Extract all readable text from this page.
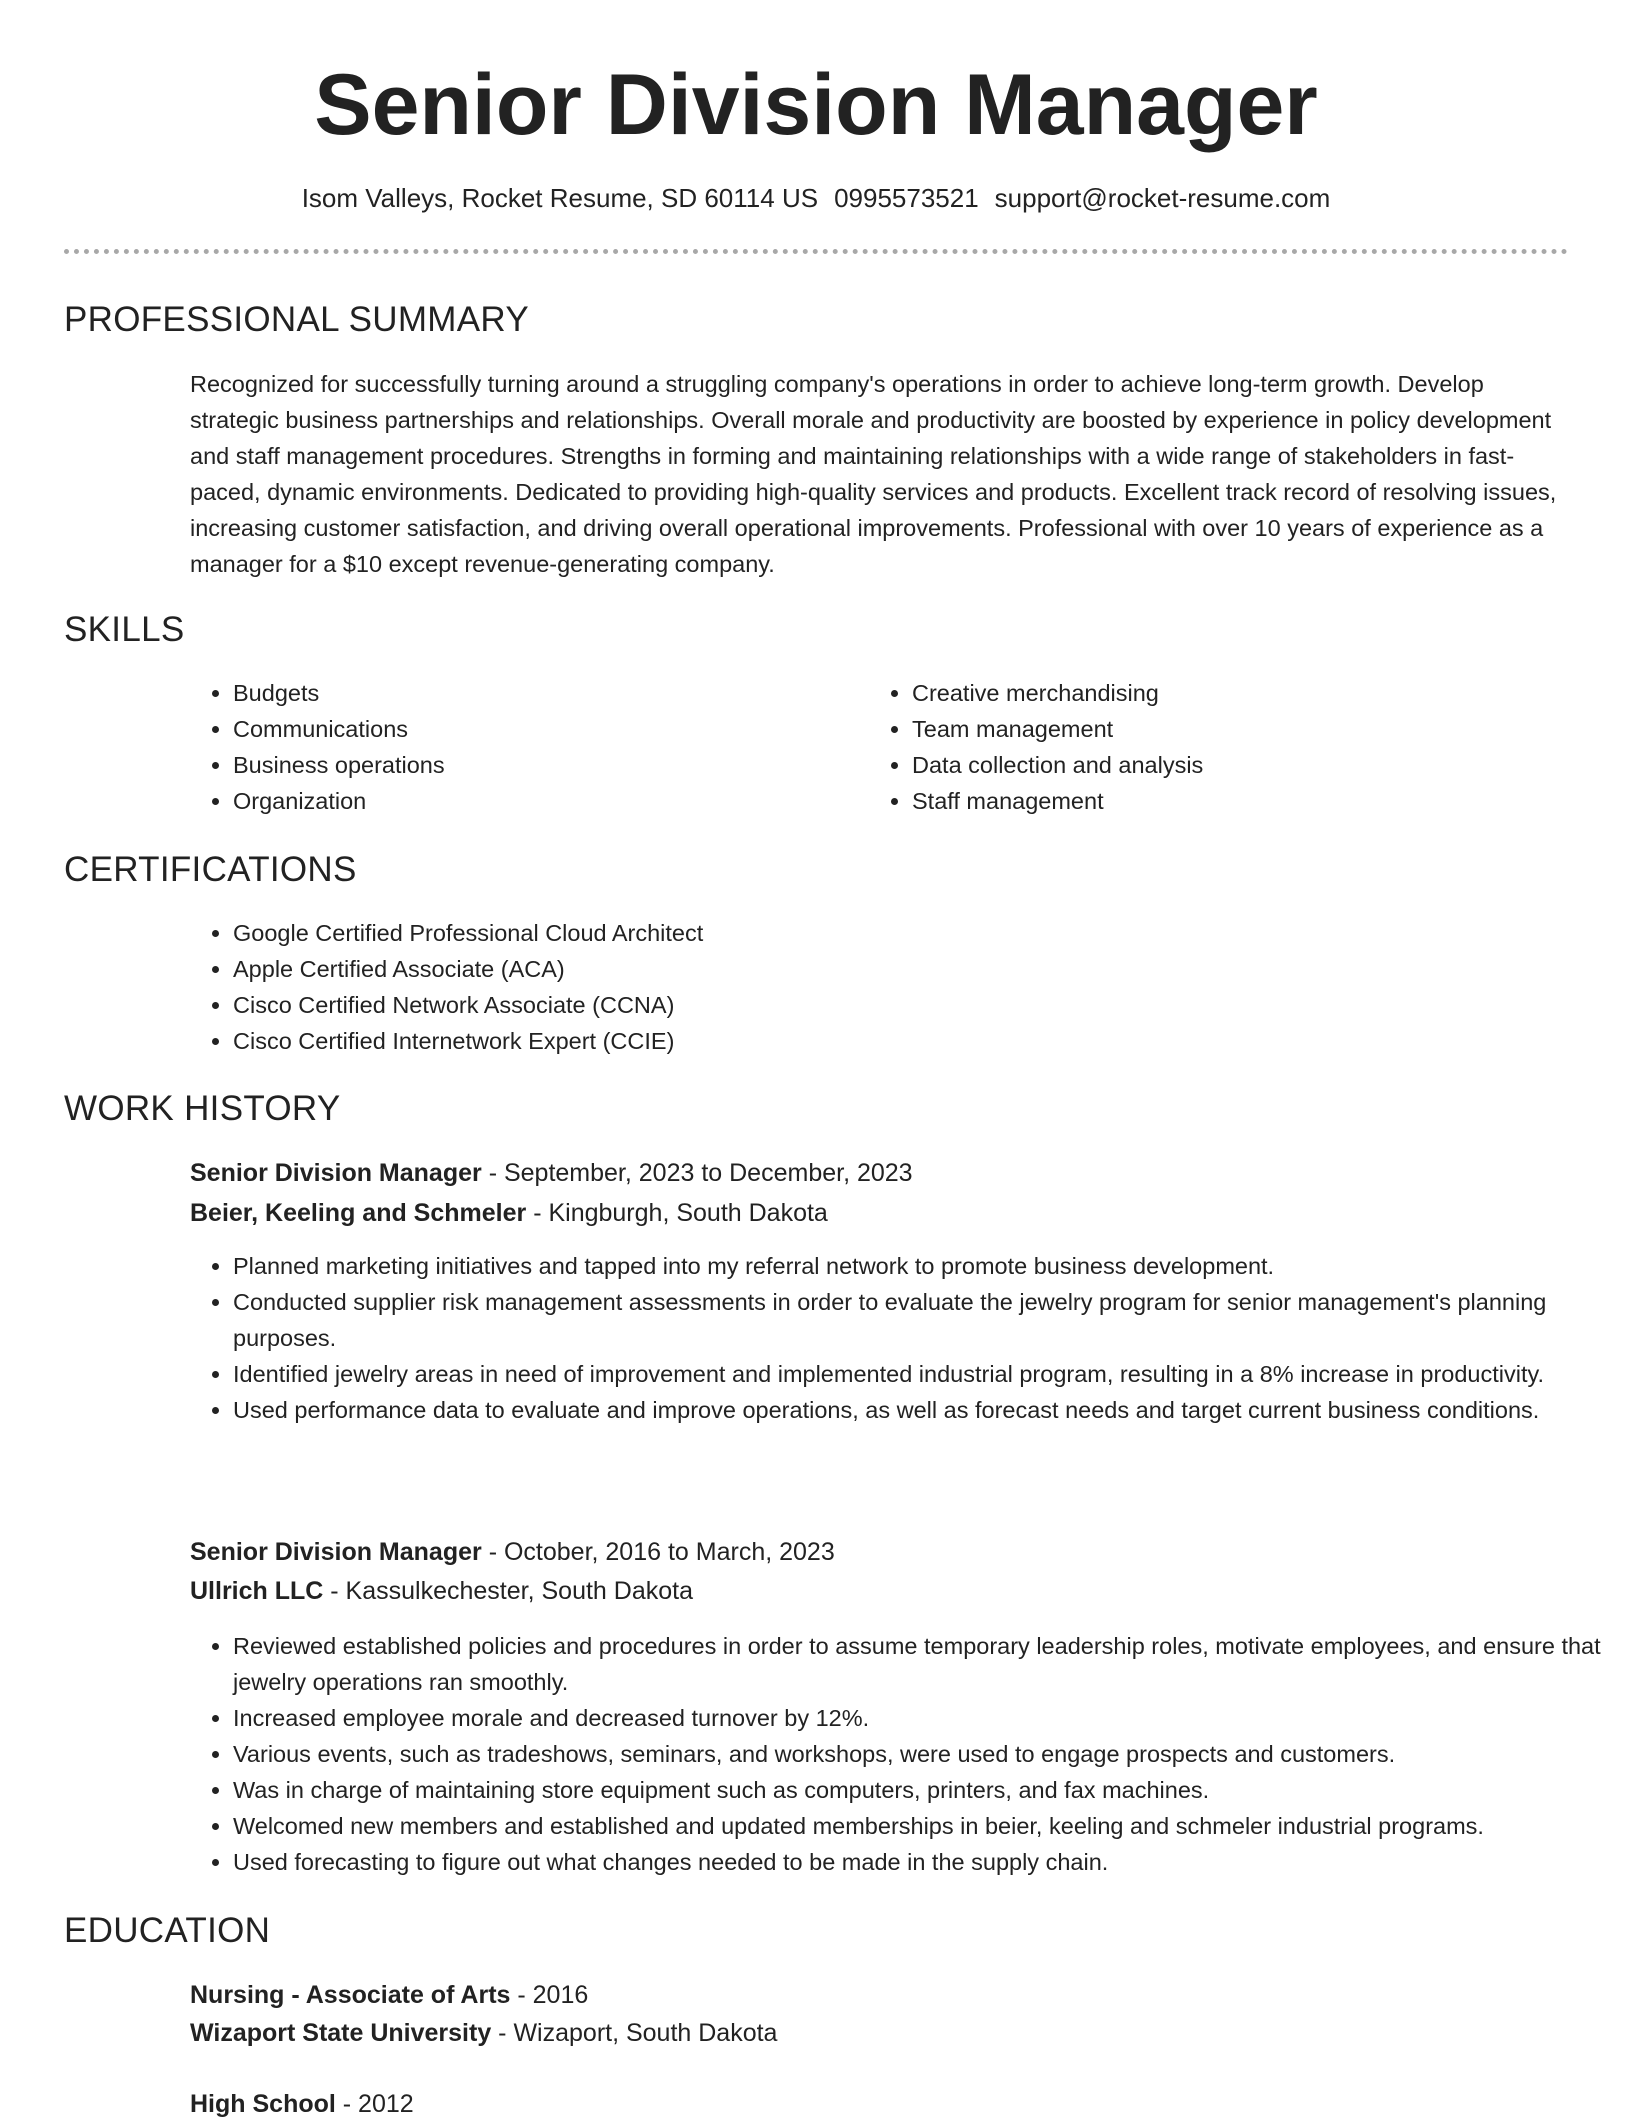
Senior Division Manager
Isom Valleys, Rocket Resume, SD 60114 US 0995573521 support@rocket-resume.com
PROFESSIONAL SUMMARY

Recognized for successfully turning around a struggling company's operations in order to achieve long-term growth. Develop strategic business partnerships and relationships. Overall morale and productivity are boosted by experience in policy development and staff management procedures. Strengths in forming and maintaining relationships with a wide range of stakeholders in fast-paced, dynamic environments. Dedicated to providing high-quality services and products. Excellent track record of resolving issues, increasing customer satisfaction, and driving overall operational improvements. Professional with over 10 years of experience as a manager for a $10 except revenue-generating company.

SKILLS
• Budgets
• Communications
• Business operations
• Organization
• Creative merchandising
• Team management
• Data collection and analysis
• Staff management
CERTIFICATIONS
• Google Certified Professional Cloud Architect
• Apple Certified Associate (ACA)
• Cisco Certified Network Associate (CCNA)
• Cisco Certified Internetwork Expert (CCIE)
WORK HISTORY
Senior Division Manager - September, 2023 to December, 2023
Beier, Keeling and Schmeler - Kingburgh, South Dakota
• Planned marketing initiatives and tapped into my referral network to promote business development.
• Conducted supplier risk management assessments in order to evaluate the jewelry program for senior management's planning purposes.
• Identified jewelry areas in need of improvement and implemented industrial program, resulting in a 8% increase in productivity.
• Used performance data to evaluate and improve operations, as well as forecast needs and target current business conditions.
Senior Division Manager - October, 2016 to March, 2023
Ullrich LLC - Kassulkechester, South Dakota
• Reviewed established policies and procedures in order to assume temporary leadership roles, motivate employees, and ensure that jewelry operations ran smoothly.
• Increased employee morale and decreased turnover by 12%.
• Various events, such as tradeshows, seminars, and workshops, were used to engage prospects and customers.
• Was in charge of maintaining store equipment such as computers, printers, and fax machines.
• Welcomed new members and established and updated memberships in beier, keeling and schmeler industrial programs.
• Used forecasting to figure out what changes needed to be made in the supply chain.
EDUCATION
Nursing - Associate of Arts - 2016
Wizaport State University - Wizaport, South Dakota
High School - 2012
